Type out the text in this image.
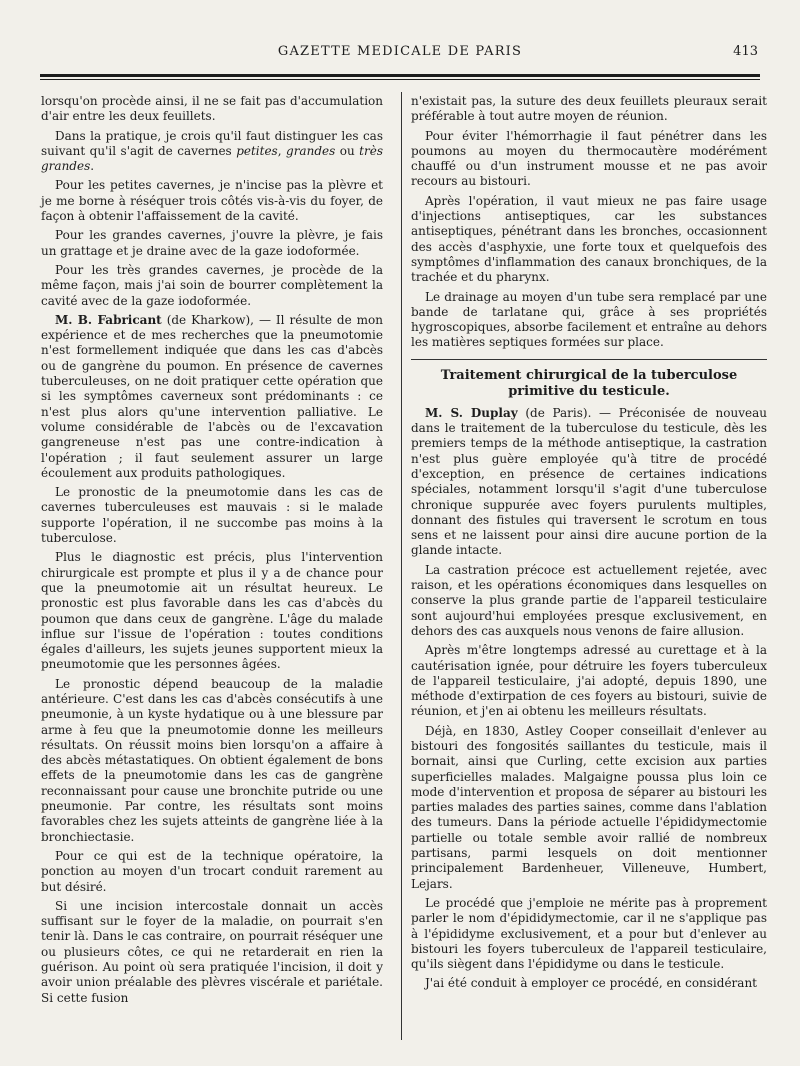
GAZETTE MEDICALE DE PARIS	413

lorsqu'on procède ainsi, il ne se fait pas d'accumulation d'air entre les deux feuillets.

Dans la pratique, je crois qu'il faut distinguer les cas suivant qu'il s'agit de cavernes petites, grandes ou très grandes.

Pour les petites cavernes, je n'incise pas la plèvre et je me borne à réséquer trois côtés vis-à-vis du foyer, de façon à obtenir l'affaissement de la cavité.

Pour les grandes cavernes, j'ouvre la plèvre, je fais un grattage et je draine avec de la gaze iodoformée.

Pour les très grandes cavernes, je procède de la même façon, mais j'ai soin de bourrer complètement la cavité avec de la gaze iodoformée.

M. B. Fabricant (de Kharkow), — Il résulte de mon expérience et de mes recherches que la pneumotomie n'est formellement indiquée que dans les cas d'abcès ou de gangrène du poumon. En présence de cavernes tuberculeuses, on ne doit pratiquer cette opération que si les symptômes caverneux sont prédominants : ce n'est plus alors qu'une intervention palliative. Le volume considérable de l'abcès ou de l'excavation gangreneuse n'est pas une contre-indication à l'opération ; il faut seulement assurer un large écoulement aux produits pathologiques.

Le pronostic de la pneumotomie dans les cas de cavernes tuberculeuses est mauvais : si le malade supporte l'opération, il ne succombe pas moins à la tuberculose.

Plus le diagnostic est précis, plus l'intervention chirurgicale est prompte et plus il y a de chance pour que la pneumotomie ait un résultat heureux. Le pronostic est plus favorable dans les cas d'abcès du poumon que dans ceux de gangrène. L'âge du malade influe sur l'issue de l'opération : toutes conditions égales d'ailleurs, les sujets jeunes supportent mieux la pneumotomie que les personnes âgées.

Le pronostic dépend beaucoup de la maladie antérieure. C'est dans les cas d'abcès consécutifs à une pneumonie, à un kyste hydatique ou à une blessure par arme à feu que la pneumotomie donne les meilleurs résultats. On réussit moins bien lorsqu'on a affaire à des abcès métastatiques. On obtient également de bons effets de la pneumotomie dans les cas de gangrène reconnaissant pour cause une bronchite putride ou une pneumonie. Par contre, les résultats sont moins favorables chez les sujets atteints de gangrène liée à la bronchiectasie.

Pour ce qui est de la technique opératoire, la ponction au moyen d'un trocart conduit rarement au but désiré.

Si une incision intercostale donnait un accès suffisant sur le foyer de la maladie, on pourrait s'en tenir là. Dans le cas contraire, on pourrait réséquer une ou plusieurs côtes, ce qui ne retarderait en rien la guérison. Au point où sera pratiquée l'incision, il doit y avoir union préalable des plèvres viscérale et pariétale. Si cette fusion

n'existait pas, la suture des deux feuillets pleuraux serait préférable à tout autre moyen de réunion.

Pour éviter l'hémorrhagie il faut pénétrer dans les poumons au moyen du thermocautère modérément chauffé ou d'un instrument mousse et ne pas avoir recours au bistouri.

Après l'opération, il vaut mieux ne pas faire usage d'injections antiseptiques, car les substances antiseptiques, pénétrant dans les bronches, occasionnent des accès d'asphyxie, une forte toux et quelquefois des symptômes d'inflammation des canaux bronchiques, de la trachée et du pharynx.

Le drainage au moyen d'un tube sera remplacé par une bande de tarlatane qui, grâce à ses propriétés hygroscopiques, absorbe facilement et entraîne au dehors les matières septiques formées sur place.

Traitement chirurgical de la tuberculose primitive du testicule.

M. S. Duplay (de Paris). — Préconisée de nouveau dans le traitement de la tuberculose du testicule, dès les premiers temps de la méthode antiseptique, la castration n'est plus guère employée qu'à titre de procédé d'exception, en présence de certaines indications spéciales, notamment lorsqu'il s'agit d'une tuberculose chronique suppurée avec foyers purulents multiples, donnant des fistules qui traversent le scrotum en tous sens et ne laissent pour ainsi dire aucune portion de la glande intacte.

La castration précoce est actuellement rejetée, avec raison, et les opérations économiques dans lesquelles on conserve la plus grande partie de l'appareil testiculaire sont aujourd'hui employées presque exclusivement, en dehors des cas auxquels nous venons de faire allusion.

Après m'être longtemps adressé au curettage et à la cautérisation ignée, pour détruire les foyers tuberculeux de l'appareil testiculaire, j'ai adopté, depuis 1890, une méthode d'extirpation de ces foyers au bistouri, suivie de réunion, et j'en ai obtenu les meilleurs résultats.

Déjà, en 1830, Astley Cooper conseillait d'enlever au bistouri des fongosités saillantes du testicule, mais il bornait, ainsi que Curling, cette excision aux parties superficielles malades. Malgaigne poussa plus loin ce mode d'intervention et proposa de séparer au bistouri les parties malades des parties saines, comme dans l'ablation des tumeurs. Dans la période actuelle l'épididymectomie partielle ou totale semble avoir rallié de nombreux partisans, parmi lesquels on doit mentionner principalement Bardenheuer, Villeneuve, Humbert, Lejars.

Le procédé que j'emploie ne mérite pas à proprement parler le nom d'épididymectomie, car il ne s'applique pas à l'épididyme exclusivement, et a pour but d'enlever au bistouri les foyers tuberculeux de l'appareil testiculaire, qu'ils siègent dans l'épididyme ou dans le testicule.

J'ai été conduit à employer ce procédé, en considérant
